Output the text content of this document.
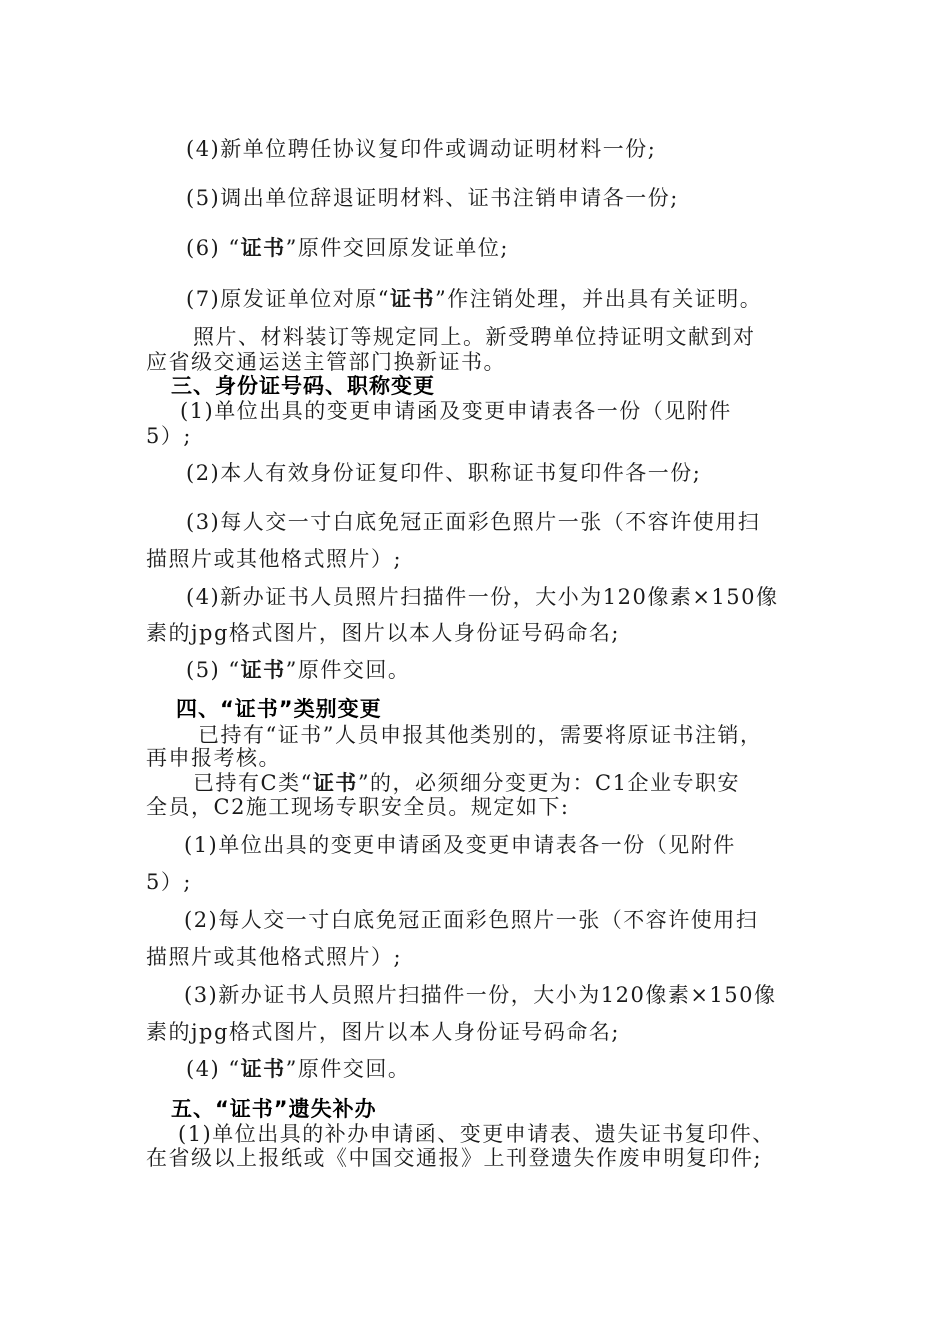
(4)新单位聘任协议复印件或调动证明材料一份;
(5)调出单位辞退证明材料、证书注销申请各一份;
(6) “证书”原件交回原发证单位;
(7)原发证单位对原“证书”作注销处理，并出具有关证明。
照片、材料装订等规定同上。新受聘单位持证明文献到对
应省级交通运送主管部门换新证书。
三、身份证号码、职称变更
(1)单位出具的变更申请函及变更申请表各一份（见附件
5）;
(2)本人有效身份证复印件、职称证书复印件各一份;
(3)每人交一寸白底免冠正面彩色照片一张（不容许使用扫
描照片或其他格式照片）;
(4)新办证书人员照片扫描件一份，大小为120像素×150像
素的jpg格式图片，图片以本人身份证号码命名;
(5) “证书”原件交回。
四、“证书”类别变更
已持有“证书”人员申报其他类别的，需要将原证书注销，
再申报考核。
已持有C类“证书”的，必须细分变更为：C1企业专职安
全员，C2施工现场专职安全员。规定如下:
(1)单位出具的变更申请函及变更申请表各一份（见附件
5）;
(2)每人交一寸白底免冠正面彩色照片一张（不容许使用扫
描照片或其他格式照片）;
(3)新办证书人员照片扫描件一份，大小为120像素×150像
素的jpg格式图片，图片以本人身份证号码命名;
(4) “证书”原件交回。
五、“证书”遗失补办
(1)单位出具的补办申请函、变更申请表、遗失证书复印件、
在省级以上报纸或《中国交通报》上刊登遗失作废申明复印件;
